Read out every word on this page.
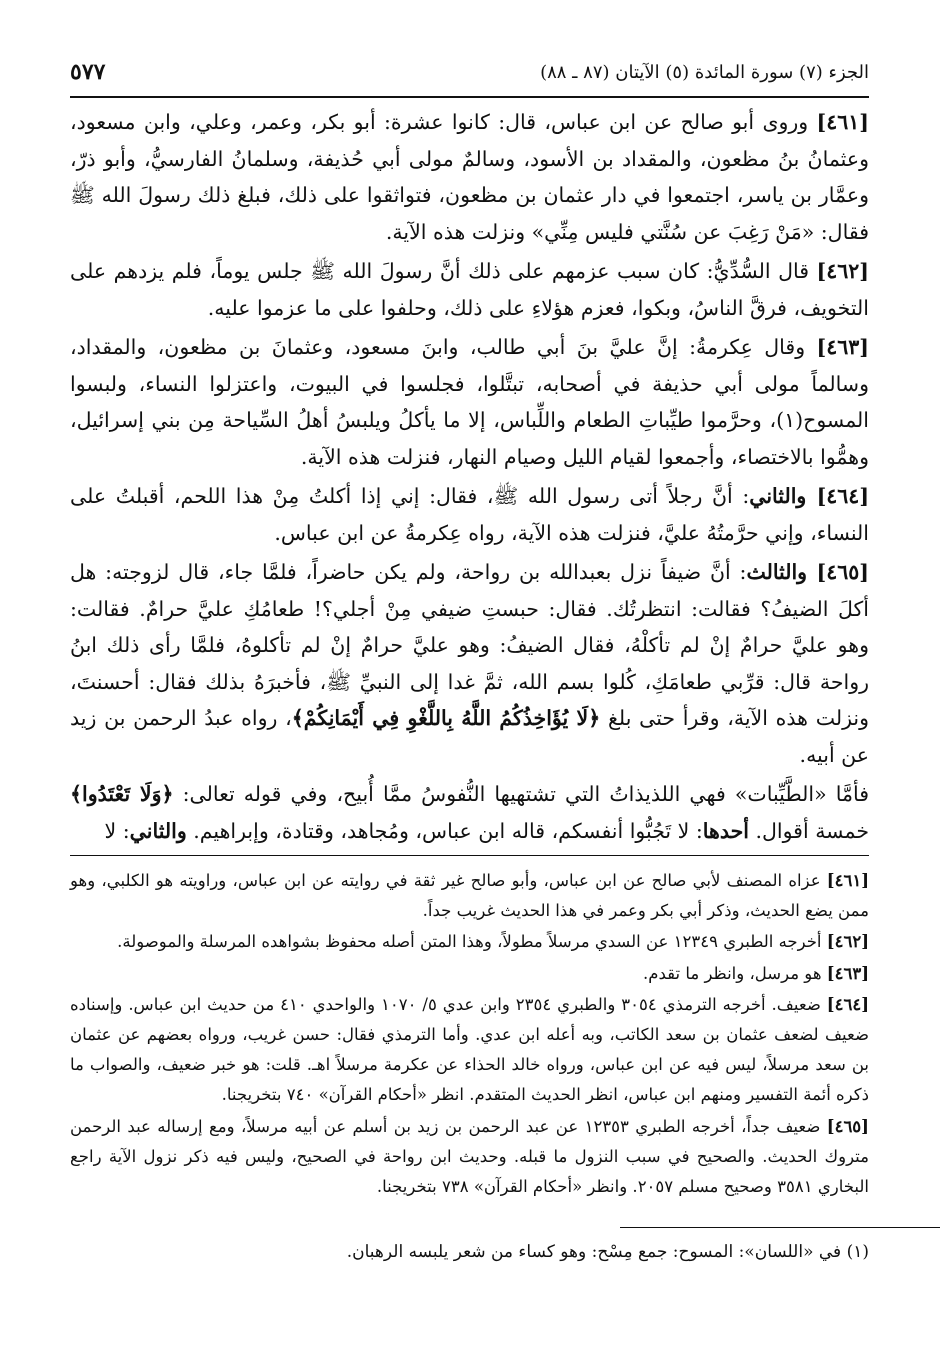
الجزء (٧) سورة المائدة (٥) الآيتان (٨٧ ـ ٨٨)
٥٧٧

[٤٦١] وروى أبو صالح عن ابن عباس، قال: كانوا عشرة: أبو بكر، وعمر، وعلي، وابن مسعود، وعثمانُ بنُ مظعون، والمقداد بن الأسود، وسالمٌ مولى أبي حُذيفة، وسلمانُ الفارسيُّ، وأبو ذرّ، وعمَّار بن ياسر، اجتمعوا في دار عثمان بن مظعون، فتواثقوا على ذلك، فبلغ ذلك رسولَ الله ﷺ فقال: «مَنْ رَغِبَ عن سُنَّتي فليس مِنِّي» ونزلت هذه الآية.

[٤٦٢] قال السُّدِّيُّ: كان سبب عزمهم على ذلك أنَّ رسولَ الله ﷺ جلس يوماً، فلم يزدهم على التخويف، فرقَّ الناسُ، وبكوا، فعزم هؤلاءِ على ذلك، وحلفوا على ما عزموا عليه.

[٤٦٣] وقال عِكرمةُ: إنَّ عليَّ بنَ أبي طالب، وابنَ مسعود، وعثمانَ بن مظعون، والمقداد، وسالماً مولى أبي حذيفة في أصحابه، تبتَّلوا، فجلسوا في البيوت، واعتزلوا النساء، ولبسوا المسوح(١)، وحرَّموا طيِّباتِ الطعام واللِّباس، إلا ما يأكلُ ويلبسُ أهلُ السِّياحة مِن بني إسرائيل، وهمُّوا بالاختصاء، وأجمعوا لقيام الليل وصيام النهار، فنزلت هذه الآية.

[٤٦٤] والثاني: أنَّ رجلاً أتى رسول الله ﷺ، فقال: إني إذا أكلتُ مِنْ هذا اللحم، أقبلتُ على النساء، وإني حرَّمتُهُ عليَّ، فنزلت هذه الآية، رواه عِكرمةُ عن ابن عباس.

[٤٦٥] والثالث: أنَّ ضيفاً نزل بعبدالله بن رواحة، ولم يكن حاضراً، فلمَّا جاء، قال لزوجته: هل أكلَ الضيفُ؟ فقالت: انتظرتُك. فقال: حبستِ ضيفي مِنْ أجلي؟! طعامُكِ عليَّ حرامٌ. فقالت: وهو عليَّ حرامٌ إنْ لم تأكلْهُ، فقال الضيفُ: وهو عليَّ حرامٌ إنْ لم تأكلوهُ، فلمَّا رأى ذلك ابنُ رواحة قال: قرِّبي طعامَكِ، كُلوا بسم الله، ثمَّ غدا إلى النبيِّ ﷺ، فأخبرَهُ بذلك فقال: أحسنتَ، ونزلت هذه الآية، وقرأ حتى بلغ ﴿لَا يُؤَاخِذُكُمُ اللَّهُ بِاللَّغْوِ فِي أَيْمَانِكُمْ﴾، رواه عبدُ الرحمن بن زيد عن أبيه.

فأمَّا «الطَّيِّبات» فهي اللذيذاتُ التي تشتهيها النُّفوسُ ممَّا أُبيح، وفي قوله تعالى: ﴿وَلَا تَعْتَدُوا﴾ خمسة أقوال. أحدها: لا تَجُبُّوا أنفسكم، قاله ابن عباس، ومُجاهد، وقتادة، وإبراهيم. والثاني: لا

[٤٦١] عزاه المصنف لأبي صالح عن ابن عباس، وأبو صالح غير ثقة في روايته عن ابن عباس، وراويته هو الكلبي، وهو ممن يضع الحديث، وذكر أبي بكر وعمر في هذا الحديث غريب جداً.

[٤٦٢] أخرجه الطبري ١٢٣٤٩ عن السدي مرسلاً مطولاً، وهذا المتن أصله محفوظ بشواهده المرسلة والموصولة.

[٤٦٣] هو مرسل، وانظر ما تقدم.

[٤٦٤] ضعيف. أخرجه الترمذي ٣٠٥٤ والطبري ٢٣٥٤ وابن عدي ٥/ ١٠٧٠ والواحدي ٤١٠ من حديث ابن عباس. وإسناده ضعيف لضعف عثمان بن سعد الكاتب، وبه أعله ابن عدي. وأما الترمذي فقال: حسن غريب، ورواه بعضهم عن عثمان بن سعد مرسلاً، ليس فيه عن ابن عباس، ورواه خالد الحذاء عن عكرمة مرسلاً اهـ. قلت: هو خبر ضعيف، والصواب ما ذكره أئمة التفسير ومنهم ابن عباس، انظر الحديث المتقدم. انظر «أحكام القرآن» ٧٤٠ بتخريجنا.

[٤٦٥] ضعيف جداً، أخرجه الطبري ١٢٣٥٣ عن عبد الرحمن بن زيد بن أسلم عن أبيه مرسلاً، ومع إرساله عبد الرحمن متروك الحديث. والصحيح في سبب النزول ما قبله. وحديث ابن رواحة في الصحيح، وليس فيه ذكر نزول الآية راجع البخاري ٣٥٨١ وصحيح مسلم ٢٠٥٧. وانظر «أحكام القرآن» ٧٣٨ بتخريجنا.

(١) في «اللسان»: المسوح: جمع مِسْح: وهو كساء من شعر يلبسه الرهبان.
